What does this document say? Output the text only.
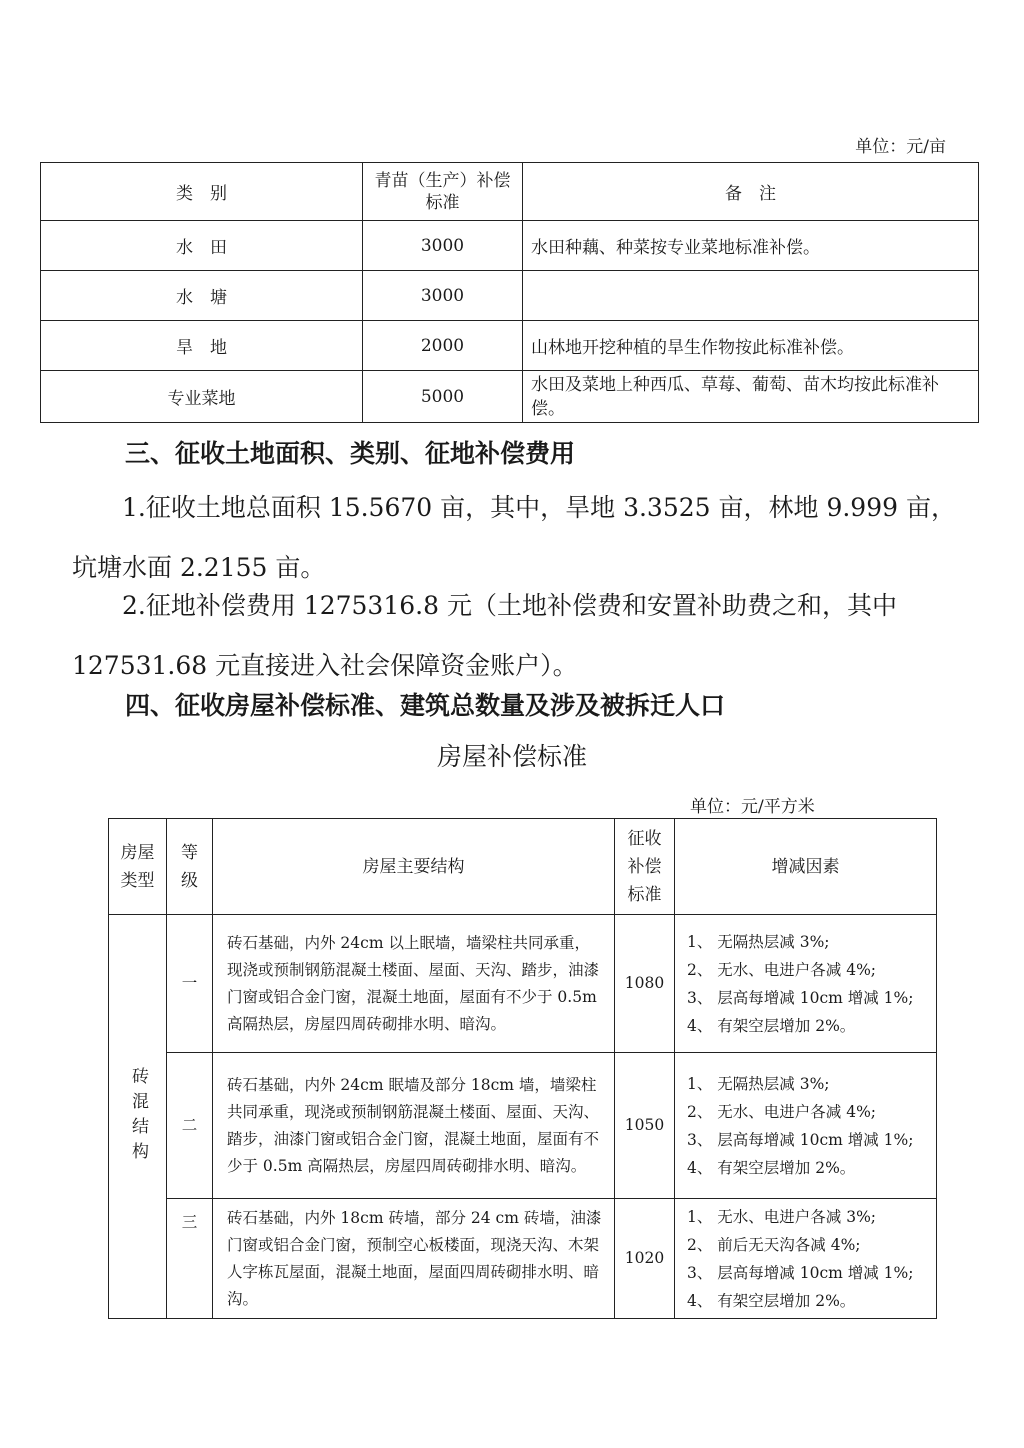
单位：元/亩
类　别	青苗（生产）补偿标准	备　注
水　田	3000	水田种藕、种菜按专业菜地标准补偿。
水　塘	3000	
旱　地	2000	山林地开挖种植的旱生作物按此标准补偿。
专业菜地	5000	水田及菜地上种西瓜、草莓、葡萄、苗木均按此标准补偿。
三、征收土地面积、类别、征地补偿费用
1.征收土地总面积 15.5670 亩，其中，旱地 3.3525 亩，林地 9.999 亩，坑塘水面 2.2155 亩。
2.征地补偿费用 1275316.8 元（土地补偿费和安置补助费之和，其中 127531.68 元直接进入社会保障资金账户）。
四、征收房屋补偿标准、建筑总数量及涉及被拆迁人口
房屋补偿标准
单位：元/平方米
房屋类型	等级	房屋主要结构	征收补偿标准	增减因素

砖混结构	一	砖石基础，内外 24cm 以上眠墙，墙梁柱共同承重，现浇或预制钢筋混凝土楼面、屋面、天沟、踏步，油漆门窗或铝合金门窗，混凝土地面，屋面有不少于 0.5m 高隔热层，房屋四周砖砌排水明、暗沟。	1080	1、 无隔热层减 3%;
2、 无水、电进户各减 4%;
3、 层高每增减 10cm 增减 1%;
4、 有架空层增加 2%。
	二	砖石基础，内外 24cm 眠墙及部分 18cm 墙，墙梁柱共同承重，现浇或预制钢筋混凝土楼面、屋面、天沟、踏步，油漆门窗或铝合金门窗，混凝土地面，屋面有不少于 0.5m 高隔热层，房屋四周砖砌排水明、暗沟。	1050	1、 无隔热层减 3%;
2、 无水、电进户各减 4%;
3、 层高每增减 10cm 增减 1%;
4、 有架空层增加 2%。
	三	砖石基础，内外 18cm 砖墙，部分 24 cm 砖墙，油漆门窗或铝合金门窗，预制空心板楼面，现浇天沟、木架人字栋瓦屋面，混凝土地面，屋面四周砖砌排水明、暗沟。	1020	1、 无水、电进户各减 3%;
2、 前后无天沟各减 4%;
3、 层高每增减 10cm 增减 1%;
4、 有架空层增加 2%。
